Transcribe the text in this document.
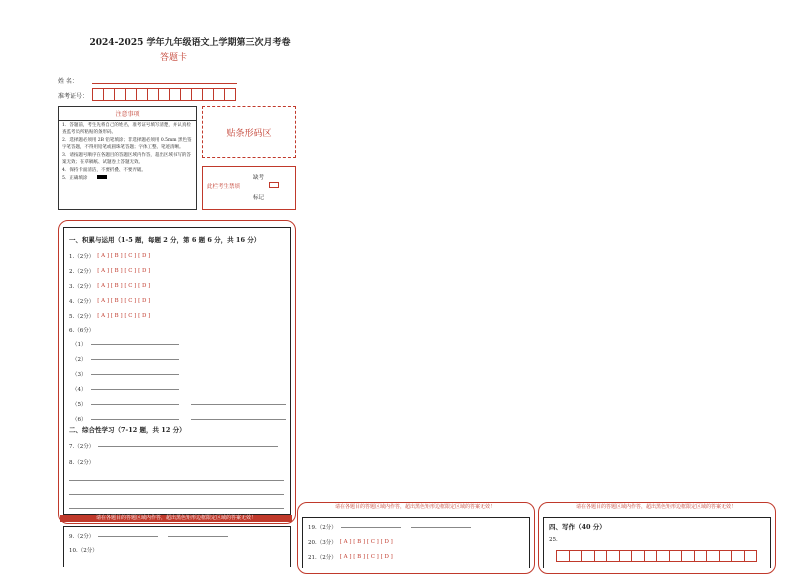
2024-2025 学年九年级语文上学期第三次月考卷
答题卡
姓 名：
准考证号：
注意事项

1．答题前，考生先将自己的姓名，准考证号填写清楚，并认真检查监考员所粘贴的条形码。

2．选择题必须用 2B 铅笔填涂；非选择题必须用 0.5mm 黑色签字笔答题，不得用铅笔或圆珠笔答题；字体工整、笔迹清晰。

3．请按题号顺序在各题目的答题区域内作答，超出区域书写的答案无效；在草稿纸、试题卷上答题无效。

4．保持卡面清洁，不要折叠、不要弄破。

5．正确填涂

贴条形码区
此栏考生禁填
缺考
标记
一、积累与运用（1-5 题，每题 2 分，第 6 题 6 分，共 16 分）
1.（2分） [ A ] [ B ] [ C ] [ D ]
2.（2分） [ A ] [ B ] [ C ] [ D ]
3.（2分） [ A ] [ B ] [ C ] [ D ]
4.（2分） [ A ] [ B ] [ C ] [ D ]
5.（2分） [ A ] [ B ] [ C ] [ D ]
6.（6分）
（1）
（2）
（3）
（4）
（5）
（6）
二、综合性学习（7-12 题，共 12 分）
7.（2分）
8.（2分）
请在各题目的答题区域内作答，超出黑色矩形边框限定区域的答案无效！
9.（2分）
10.（2分）
请在各题目的答题区域内作答，超出黑色矩形边框限定区域的答案无效！
19.（2分）
20.（3分） [ A ] [ B ] [ C ] [ D ]
21.（2分） [ A ] [ B ] [ C ] [ D ]
请在各题目的答题区域内作答，超出黑色矩形边框限定区域的答案无效！
四、写作（40 分）
25.
